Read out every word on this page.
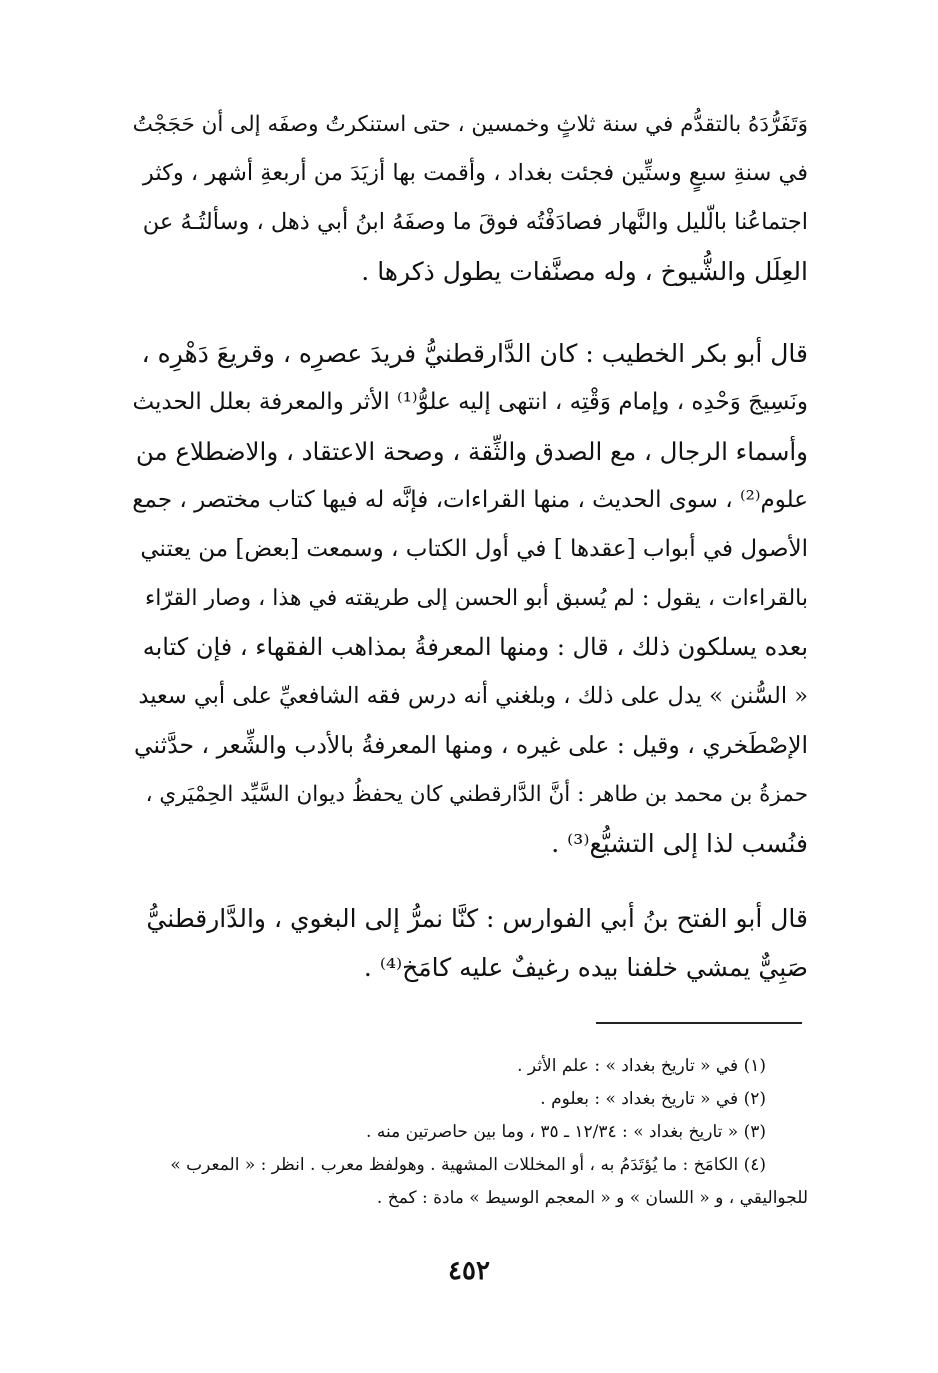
وَتَفَرُّدَهُ بالتقدُّم في سنة ثلاثٍ وخمسين ، حتى استنكرتُ وصفَه إلى أن حَجَجْتُ
في سنةِ سبعٍ وستِّين فجئت بغداد ، وأقمت بها أزيَدَ من أربعةِ أشهر ، وكثر
اجتماعُنا بالّليل والنَّهار فصادَفْتُه فوقَ ما وصفَهُ ابنُ أبي ذهل ، وسألتُـهُ عن
العِلَل والشُّيوخ ، وله مصنَّفات يطول ذكرها .
قال أبو بكر الخطيب : كان الدَّارقطنيُّ فريدَ عصرِه ، وقريعَ دَهْرِه ،
ونَسِيجَ وَحْدِه ، وإمام وَقْتِه ، انتهى إليه علوُّ⁽¹⁾ الأثر والمعرفة بعلل الحديث
وأسماء الرجال ، مع الصدق والثِّقة ، وصحة الاعتقاد ، والاضطلاع من
علوم⁽²⁾ ، سوى الحديث ، منها القراءات، فإنَّه له فيها كتاب مختصر ، جمع
الأصول في أبواب [عقدها ] في أول الكتاب ، وسمعت [بعض] من يعتني
بالقراءات ، يقول : لم يُسبق أبو الحسن إلى طريقته في هذا ، وصار القرّاء
بعده يسلكون ذلك ، قال : ومنها المعرفةُ بمذاهب الفقهاء ، فإن كتابه
« السُّنن » يدل على ذلك ، وبلغني أنه درس فقه الشافعيِّ على أبي سعيد
الإصْطَخري ، وقيل : على غيره ، ومنها المعرفةُ بالأدب والشِّعر ، حدَّثني
حمزةُ بن محمد بن طاهر : أنَّ الدَّارقطني كان يحفظُ ديوان السَّيِّد الحِمْيَري ،
فنُسب لذا إلى التشيُّع⁽³⁾ .
قال أبو الفتح بنُ أبي الفوارس : كنَّا نمرُّ إلى البغوي ، والدَّارقطنيُّ
صَبِيٌّ يمشي خلفنا بيده رغيفٌ عليه كامَخ⁽⁴⁾ .
(١) في « تاريخ بغداد » : علم الأثر .
(٢) في « تاريخ بغداد » : بعلوم .
(٣) « تاريخ بغداد » : ١٢/٣٤ ـ ٣٥ ، وما بين حاصرتين منه .
(٤) الكامَخ : ما يُؤتَدَمُ به ، أو المخللات المشهية . وهولفظ معرب . انظر : « المعرب »
للجواليقي ، و « اللسان » و « المعجم الوسيط » مادة : كمخ .
٤٥٢
